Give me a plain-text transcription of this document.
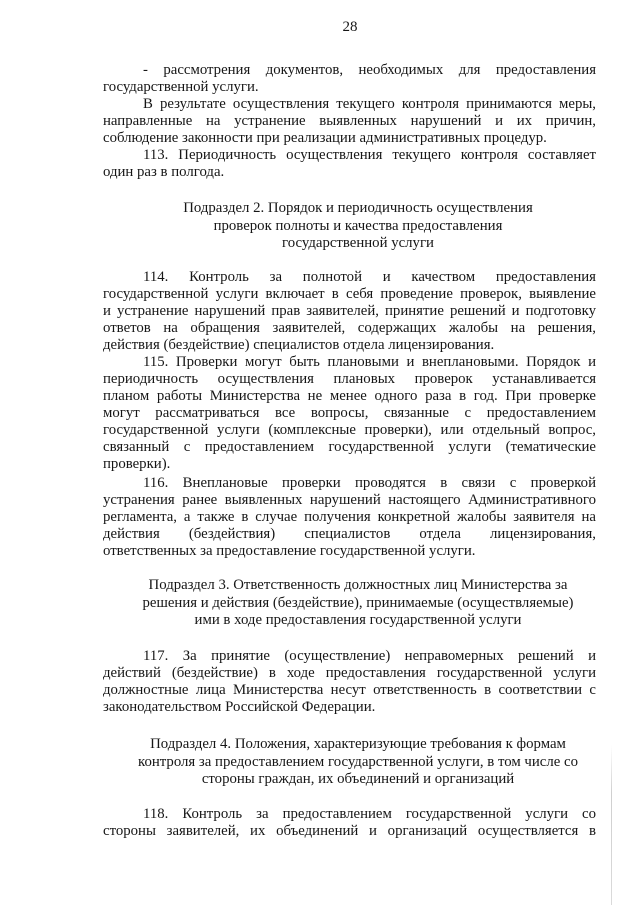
28
- рассмотрения документов, необходимых для предоставления
государственной услуги.
В результате осуществления текущего контроля принимаются меры,
направленные на устранение выявленных нарушений и их причин,
соблюдение законности при реализации административных процедур.
113. Периодичность осуществления текущего контроля составляет
один раз в полгода.
Подраздел 2. Порядок и периодичность осуществления
проверок полноты и качества предоставления
государственной услуги
114. Контроль за полнотой и качеством предоставления
государственной услуги включает в себя проведение проверок, выявление
и устранение нарушений прав заявителей, принятие решений и подготовку
ответов на обращения заявителей, содержащих жалобы на решения,
действия (бездействие) специалистов отдела лицензирования.
115. Проверки могут быть плановыми и внеплановыми. Порядок и
периодичность осуществления плановых проверок устанавливается
планом работы Министерства не менее одного раза в год. При проверке
могут рассматриваться все вопросы, связанные с предоставлением
государственной услуги (комплексные проверки), или отдельный вопрос,
связанный с предоставлением государственной услуги (тематические
проверки).
116. Внеплановые проверки проводятся в связи с проверкой
устранения ранее выявленных нарушений настоящего Административного
регламента, а также в случае получения конкретной жалобы заявителя на
действия (бездействия) специалистов отдела лицензирования,
ответственных за предоставление государственной услуги.
Подраздел 3. Ответственность должностных лиц Министерства за
решения и действия (бездействие), принимаемые (осуществляемые)
ими в ходе предоставления государственной услуги
117. За принятие (осуществление) неправомерных решений и
действий (бездействие) в ходе предоставления государственной услуги
должностные лица Министерства несут ответственность в соответствии с
законодательством Российской Федерации.
Подраздел 4. Положения, характеризующие требования к формам
контроля за предоставлением государственной услуги, в том числе со
стороны граждан, их объединений и организаций
118. Контроль за предоставлением государственной услуги со
стороны заявителей, их объединений и организаций осуществляется в
